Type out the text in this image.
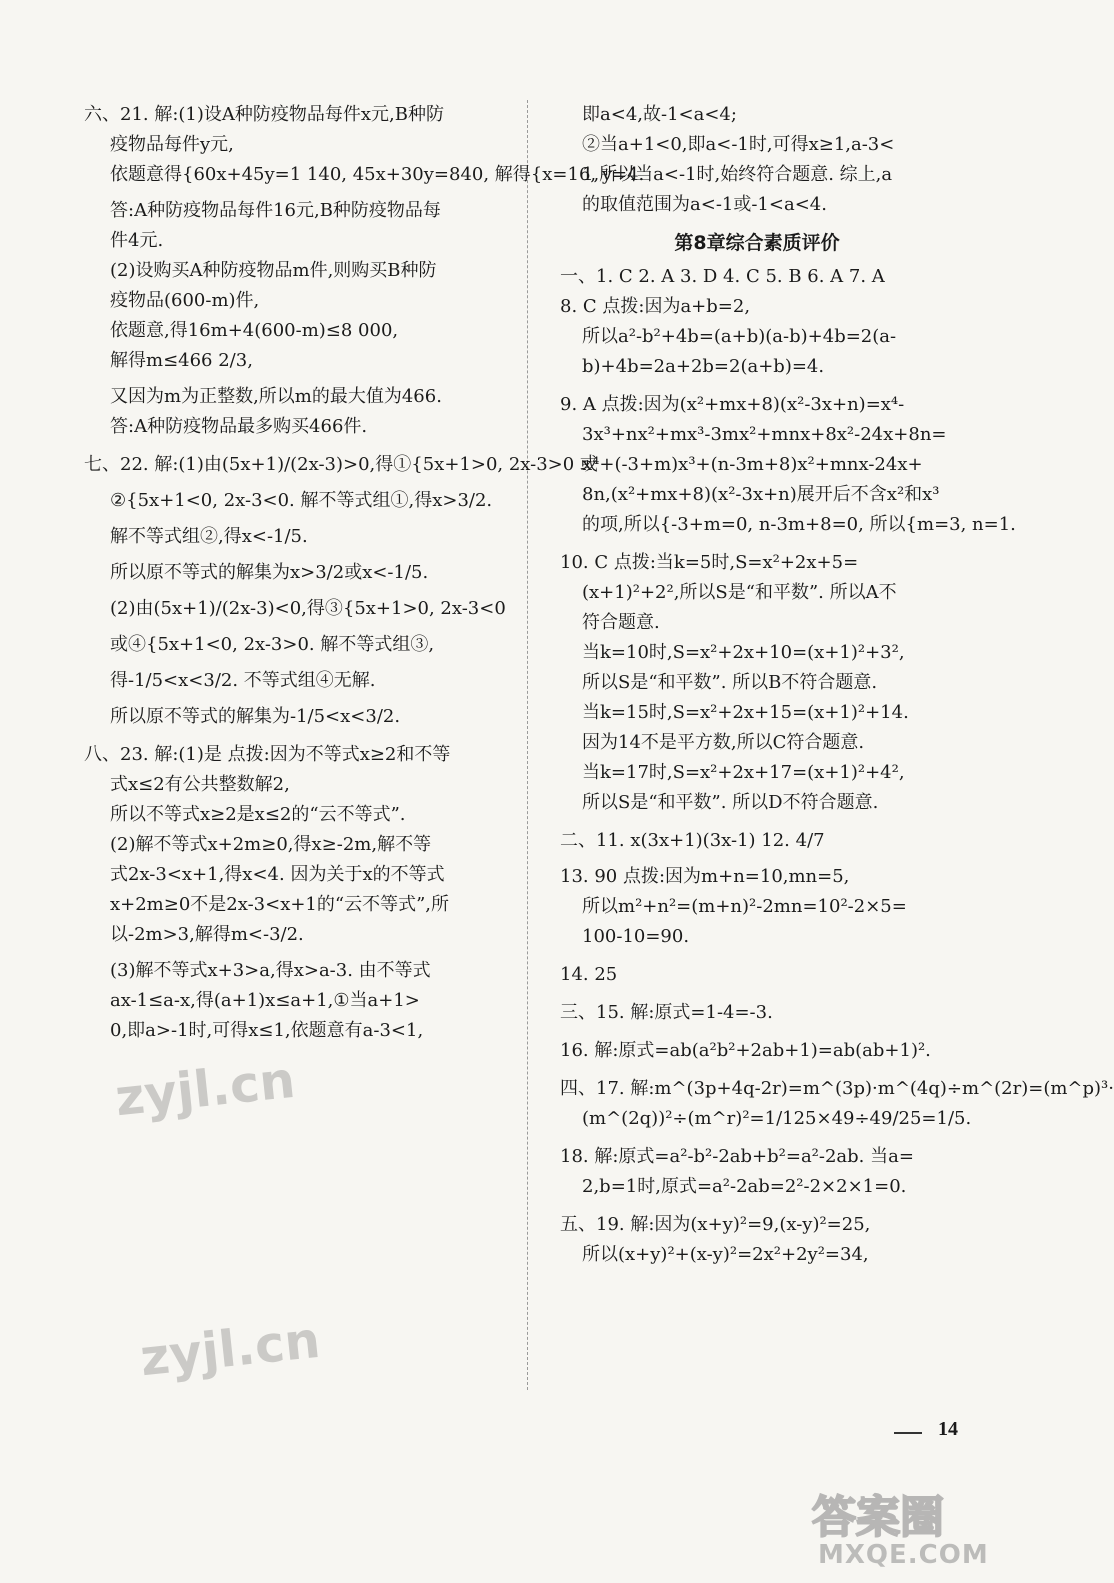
六、21. 解:(1)设A种防疫物品每件x元,B种防
疫物品每件y元,
依题意得{60x+45y=1 140, 45x+30y=840, 解得{x=16, y=4.
答:A种防疫物品每件16元,B种防疫物品每
件4元.
(2)设购买A种防疫物品m件,则购买B种防
疫物品(600-m)件,
依题意,得16m+4(600-m)≤8 000,
解得m≤466 2/3,
又因为m为正整数,所以m的最大值为466.
答:A种防疫物品最多购买466件.
七、22. 解:(1)由(5x+1)/(2x-3)>0,得①{5x+1>0, 2x-3>0 或
②{5x+1<0, 2x-3<0. 解不等式组①,得x>3/2.
解不等式组②,得x<-1/5.
所以原不等式的解集为x>3/2或x<-1/5.
(2)由(5x+1)/(2x-3)<0,得③{5x+1>0, 2x-3<0
或④{5x+1<0, 2x-3>0. 解不等式组③,
得-1/5<x<3/2. 不等式组④无解.
所以原不等式的解集为-1/5<x<3/2.
八、23. 解:(1)是 点拨:因为不等式x≥2和不等
式x≤2有公共整数解2,
所以不等式x≥2是x≤2的“云不等式”.
(2)解不等式x+2m≥0,得x≥-2m,解不等
式2x-3<x+1,得x<4. 因为关于x的不等式
x+2m≥0不是2x-3<x+1的“云不等式”,所
以-2m>3,解得m<-3/2.
(3)解不等式x+3>a,得x>a-3. 由不等式
ax-1≤a-x,得(a+1)x≤a+1,①当a+1>
0,即a>-1时,可得x≤1,依题意有a-3<1,
即a<4,故-1<a<4;
②当a+1<0,即a<-1时,可得x≥1,a-3<
1,所以当a<-1时,始终符合题意. 综上,a
的取值范围为a<-1或-1<a<4.
第8章综合素质评价
一、1. C 2. A 3. D 4. C 5. B 6. A 7. A
8. C 点拨:因为a+b=2,
所以a²-b²+4b=(a+b)(a-b)+4b=2(a-
b)+4b=2a+2b=2(a+b)=4.
9. A 点拨:因为(x²+mx+8)(x²-3x+n)=x⁴-
3x³+nx²+mx³-3mx²+mnx+8x²-24x+8n=
x⁴+(-3+m)x³+(n-3m+8)x²+mnx-24x+
8n,(x²+mx+8)(x²-3x+n)展开后不含x²和x³
的项,所以{-3+m=0, n-3m+8=0, 所以{m=3, n=1.
10. C 点拨:当k=5时,S=x²+2x+5=
(x+1)²+2²,所以S是“和平数”. 所以A不
符合题意.
当k=10时,S=x²+2x+10=(x+1)²+3²,
所以S是“和平数”. 所以B不符合题意.
当k=15时,S=x²+2x+15=(x+1)²+14.
因为14不是平方数,所以C符合题意.
当k=17时,S=x²+2x+17=(x+1)²+4²,
所以S是“和平数”. 所以D不符合题意.
二、11. x(3x+1)(3x-1) 12. 4/7
13. 90 点拨:因为m+n=10,mn=5,
所以m²+n²=(m+n)²-2mn=10²-2×5=
100-10=90.
14. 25
三、15. 解:原式=1-4=-3.
16. 解:原式=ab(a²b²+2ab+1)=ab(ab+1)².
四、17. 解:m^(3p+4q-2r)=m^(3p)·m^(4q)÷m^(2r)=(m^p)³·
(m^(2q))²÷(m^r)²=1/125×49÷49/25=1/5.
18. 解:原式=a²-b²-2ab+b²=a²-2ab. 当a=
2,b=1时,原式=a²-2ab=2²-2×2×1=0.
五、19. 解:因为(x+y)²=9,(x-y)²=25,
所以(x+y)²+(x-y)²=2x²+2y²=34,
14
zyjl.cn
zyjl.cn
答案圈
MXQE.COM
